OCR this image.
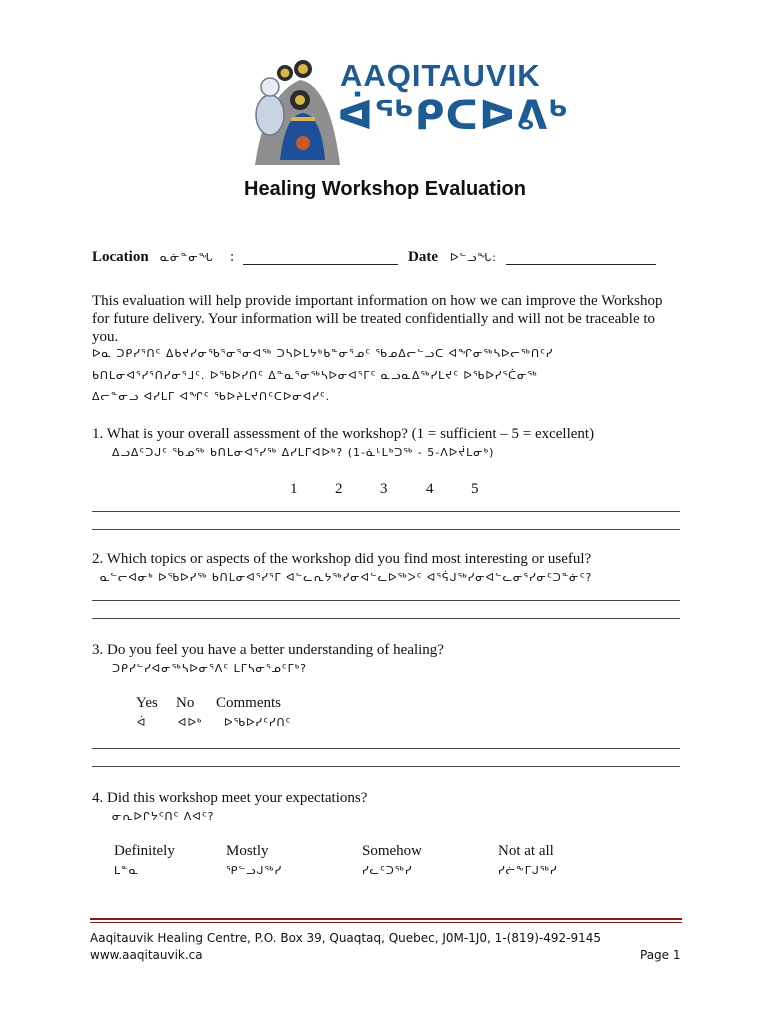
AAQITAUVIK
ᐋᖅᑭᑕᐅᕕᒃ
Healing Workshop Evaluation
Location ᓇᓃᓐᓂᖓ :	Date ᐅᓪᓗᖓ:
This evaluation will help provide important information on how we can improve the Workshop for future delivery. Your information will be treated confidentially and will not be traceable to you.
ᐅᓇ ᑐᑭᓯᕐᑎᑦ ᐃᑲᔪᓯᓂᖃᕐᓂᕐᓂᐊᖅ ᑐᓴᐅᒪᔭᒃᑲᓐᓂᕐᓄᑦ ᖃᓄᐃᓕᓪᓗᑕ ᐊᖏᓂᖅᓴᐅᓕᖅᑎᑦᓯ
ᑲᑎᒪᓂᐊᕐᓯᕐᑎᓯᓂᕐᒧᑦ. ᐅᖃᐅᓯᑎᑦ ᐃᓐᓇᕐᓂᖅᓴᐅᓂᐊᕐᒥᑦ ᓇᓗᓇᐃᖅᓯᒪᔪᑦ ᐅᖃᐅᓯᕐᑖᓂᖅ
ᐃᓕᓐᓂᓗ ᐊᓯᒪᒥ ᐊᖏᑦ ᖃᐅᔨᒪᔪᑎᑦᑕᐅᓂᐊᓯᑦ.
1. What is your overall assessment of the workshop? (1 = sufficient – 5 = excellent)
ᐃᓗᐃᑦᑐᒍᑦ ᖃᓄᖅ ᑲᑎᒪᓂᐊᕐᓯᖅ ᐃᓯᒪᒥᐊᐅᒃ? (1-ᓈᒻᒪᒃᑐᖅ - 5-ᐱᐅᔫᒪᓂᒃ)
1	2	3	4	5
2. Which topics or aspects of the workshop did you find most interesting or useful?
ᓇᓪᓕᐊᓂᒃ ᐅᖃᐅᓯᖅ ᑲᑎᒪᓂᐊᕐᓯᕐᒥ ᐊᓪᓚᕆᔭᖅᓯᓂᐊᓪᓚᐅᖅᐳᑦ ᐊᕐᕌᒍᖅᓯᓂᐊᓪᓚᓂᕐᓯᓂᑦᑐᓐᓃᑦ?
3. Do you feel you have a better understanding of healing?
ᑐᑭᓯᓪᓯᐊᓂᖅᓴᐅᓂᕐᐱᑦ ᒪᒥᓴᓂᕐᓄᑦᒥᒃ?
Yes No Comments
ᐋ	ᐊᐅᒃ ᐅᖃᐅᓯᑦᓯᑎᑦ
4. Did this workshop meet your expectations?
ᓂᕆᐅᒋᔭᑦᑎᑦ ᐱᐊᑦ?
Definitely	Mostly	Somehow	Not at all
ᒪᓐᓇ	ᕿᓪᓗᒍᖅᓯ	ᓯᓚᑦᑐᖅᓯ	ᓯᓖᖕᒥᒍᖅᓯ
Aaqitauvik Healing Centre, P.O. Box 39, Quaqtaq, Quebec, J0M-1J0, 1-(819)-492-9145
www.aaqitauvik.ca	Page 1
